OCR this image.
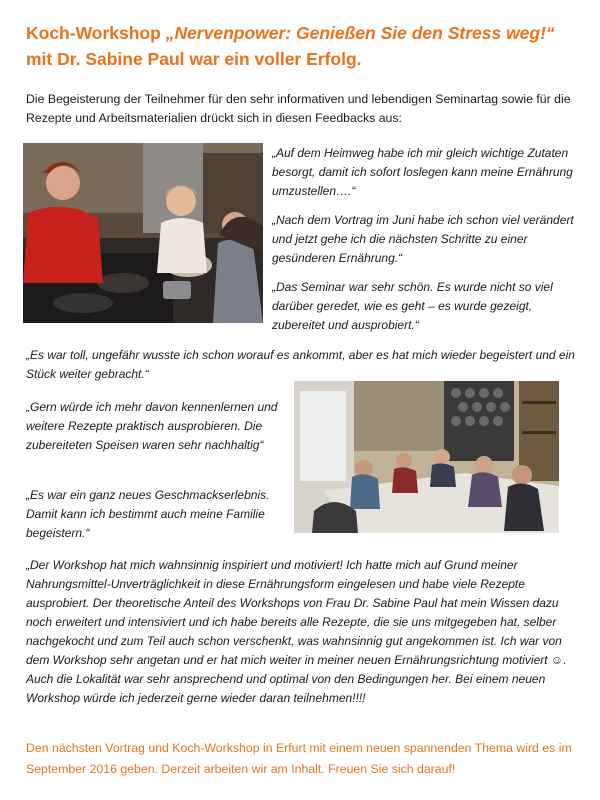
Koch-Workshop „Nervenpower: Genießen Sie den Stress weg!“
mit Dr. Sabine Paul war ein voller Erfolg.

Die Begeisterung der Teilnehmer für den sehr informativen und lebendigen Seminartag sowie für die Rezepte und Arbeitsmaterialien drückt sich in diesen Feedbacks aus:

„Auf dem Heimweg habe ich mir gleich wichtige Zutaten besorgt, damit ich sofort loslegen kann meine Ernährung umzustellen….“

„Nach dem Vortrag im Juni habe ich schon viel verändert und jetzt gehe ich die nächsten Schritte zu einer gesünderen Ernährung.“

„Das Seminar war sehr schön. Es wurde nicht so viel darüber geredet, wie es geht – es wurde gezeigt, zubereitet und ausprobiert.“

„Es war toll, ungefähr wusste ich schon worauf es ankommt, aber es hat mich wieder begeistert und ein Stück weiter gebracht.“

„Gern würde ich mehr davon kennenlernen und weitere Rezepte praktisch ausprobieren. Die zubereiteten Speisen waren sehr nachhaltig“

„Es war ein ganz neues Geschmackserlebnis. Damit kann ich bestimmt auch meine Familie begeistern.“

„Der Workshop hat mich wahnsinnig inspiriert und motiviert! Ich hatte mich auf Grund meiner Nahrungsmittel-Unverträglichkeit in diese Ernährungsform eingelesen und habe viele Rezepte ausprobiert. Der theoretische Anteil des Workshops von Frau Dr. Sabine Paul hat mein Wissen dazu noch erweitert und intensiviert und ich habe bereits alle Rezepte, die sie uns mitgegeben hat, selber nachgekocht und zum Teil auch schon verschenkt, was wahnsinnig gut angekommen ist. Ich war von dem Workshop sehr angetan und er hat mich weiter in meiner neuen Ernährungsrichtung motiviert ☺. Auch die Lokalität war sehr ansprechend und optimal von den Bedingungen her. Bei einem neuen Workshop würde ich jederzeit gerne wieder daran teilnehmen!!!!

Den nächsten Vortrag und Koch-Workshop in Erfurt mit einem neuen spannenden Thema wird es im September 2016 geben. Derzeit arbeiten wir am Inhalt. Freuen Sie sich darauf!
